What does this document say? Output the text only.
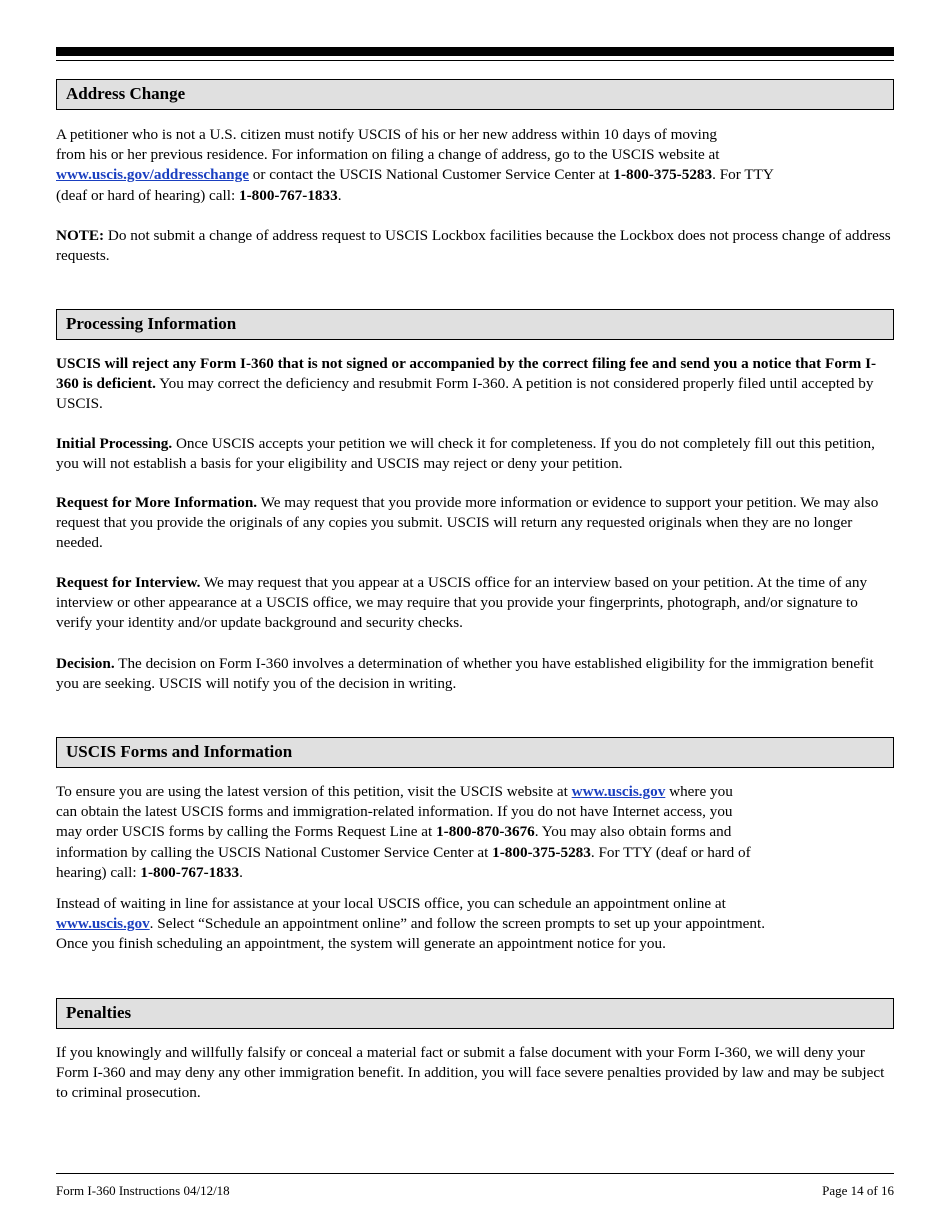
Address Change
A petitioner who is not a U.S. citizen must notify USCIS of his or her new address within 10 days of moving
from his or her previous residence. For information on filing a change of address, go to the USCIS website at
www.uscis.gov/addresschange or contact the USCIS National Customer Service Center at 1-800-375-5283. For TTY
(deaf or hard of hearing) call: 1-800-767-1833.
NOTE: Do not submit a change of address request to USCIS Lockbox facilities because the Lockbox does not process change of address requests.
Processing Information
USCIS will reject any Form I-360 that is not signed or accompanied by the correct filing fee and send you a notice that Form I-360 is deficient. You may correct the deficiency and resubmit Form I-360. A petition is not considered properly filed until accepted by USCIS.
Initial Processing. Once USCIS accepts your petition we will check it for completeness. If you do not completely fill out this petition, you will not establish a basis for your eligibility and USCIS may reject or deny your petition.
Request for More Information. We may request that you provide more information or evidence to support your petition. We may also request that you provide the originals of any copies you submit. USCIS will return any requested originals when they are no longer needed.
Request for Interview. We may request that you appear at a USCIS office for an interview based on your petition. At the time of any interview or other appearance at a USCIS office, we may require that you provide your fingerprints, photograph, and/or signature to verify your identity and/or update background and security checks.
Decision. The decision on Form I-360 involves a determination of whether you have established eligibility for the immigration benefit you are seeking. USCIS will notify you of the decision in writing.
USCIS Forms and Information
To ensure you are using the latest version of this petition, visit the USCIS website at www.uscis.gov where you
can obtain the latest USCIS forms and immigration-related information. If you do not have Internet access, you
may order USCIS forms by calling the Forms Request Line at 1-800-870-3676. You may also obtain forms and
information by calling the USCIS National Customer Service Center at 1-800-375-5283. For TTY (deaf or hard of
hearing) call: 1-800-767-1833.
Instead of waiting in line for assistance at your local USCIS office, you can schedule an appointment online at
www.uscis.gov. Select “Schedule an appointment online” and follow the screen prompts to set up your appointment.
Once you finish scheduling an appointment, the system will generate an appointment notice for you.
Penalties
If you knowingly and willfully falsify or conceal a material fact or submit a false document with your Form I-360, we will deny your Form I-360 and may deny any other immigration benefit. In addition, you will face severe penalties provided by law and may be subject to criminal prosecution.
Form I-360 Instructions 04/12/18	Page 14 of 16
